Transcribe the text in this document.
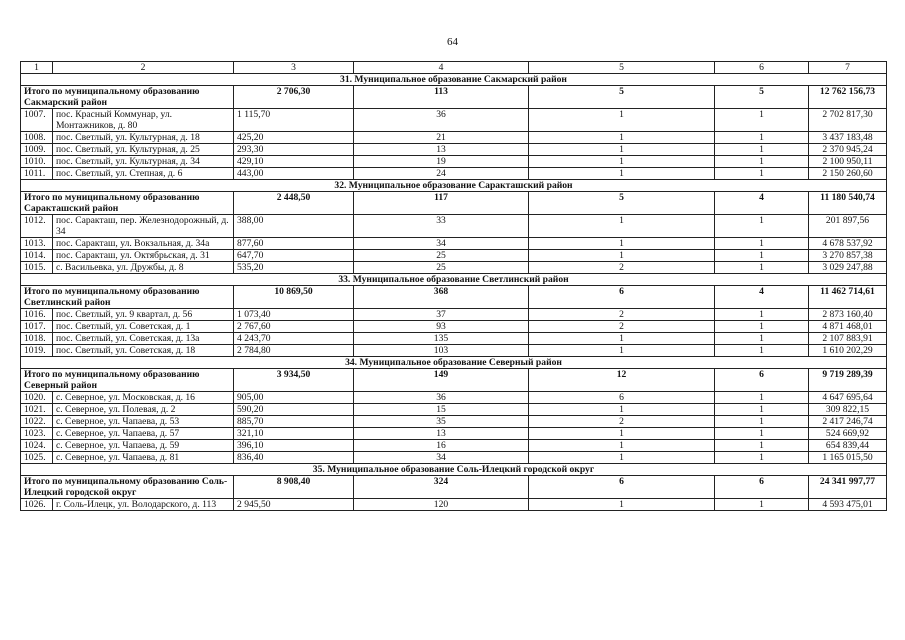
64
1	2	3	4	5	6	7
31. Муниципальное образование Сакмарский район						
Итого по муниципальному образованию Сакмарский район		2 706,30	113	5	5	12 762 156,73
1007.	пос. Красный Коммунар, ул. Монтажников, д. 80	1 115,70	36	1	1	2 702 817,30
1008.	пос. Светлый, ул. Культурная, д. 18	425,20	21	1	1	3 437 183,48
1009.	пос. Светлый, ул. Культурная, д. 25	293,30	13	1	1	2 370 945,24
1010.	пос. Светлый, ул. Культурная, д. 34	429,10	19	1	1	2 100 950,11
1011.	пос. Светлый, ул. Степная, д. 6	443,00	24	1	1	2 150 260,60
32. Муниципальное образование Саракташский район						
Итого по муниципальному образованию Саракташский район		2 448,50	117	5	4	11 180 540,74
1012.	пос. Саракташ, пер. Железнодорожный, д. 34	388,00	33	1	1	201 897,56
1013.	пос. Саракташ, ул. Вокзальная, д. 34а	877,60	34	1	1	4 678 537,92
1014.	пос. Саракташ, ул. Октябрьская, д. 31	647,70	25	1	1	3 270 857,38
1015.	с. Васильевка, ул. Дружбы, д. 8	535,20	25	2	1	3 029 247,88
33. Муниципальное образование Светлинский район						
Итого по муниципальному образованию Светлинский район		10 869,50	368	6	4	11 462 714,61
1016.	пос. Светлый, ул. 9 квартал, д. 56	1 073,40	37	2	1	2 873 160,40
1017.	пос. Светлый, ул. Советская, д. 1	2 767,60	93	2	1	4 871 468,01
1018.	пос. Светлый, ул. Советская, д. 13а	4 243,70	135	1	1	2 107 883,91
1019.	пос. Светлый, ул. Советская, д. 18	2 784,80	103	1	1	1 610 202,29
34. Муниципальное образование Северный район						
Итого по муниципальному образованию Северный район		3 934,50	149	12	6	9 719 289,39
1020.	с. Северное, ул. Московская, д. 16	905,00	36	6	1	4 647 695,64
1021.	с. Северное, ул. Полевая, д. 2	590,20	15	1	1	309 822,15
1022.	с. Северное, ул. Чапаева, д. 53	885,70	35	2	1	2 417 246,74
1023.	с. Северное, ул. Чапаева, д. 57	321,10	13	1	1	524 669,92
1024.	с. Северное, ул. Чапаева, д. 59	396,10	16	1	1	654 839,44
1025.	с. Северное, ул. Чапаева, д. 81	836,40	34	1	1	1 165 015,50
35. Муниципальное образование Соль-Илецкий городской округ						
Итого по муниципальному образованию Соль-Илецкий городской округ		8 908,40	324	6	6	24 341 997,77
1026.	г. Соль-Илецк, ул. Володарского, д. 113	2 945,50	120	1	1	4 593 475,01
